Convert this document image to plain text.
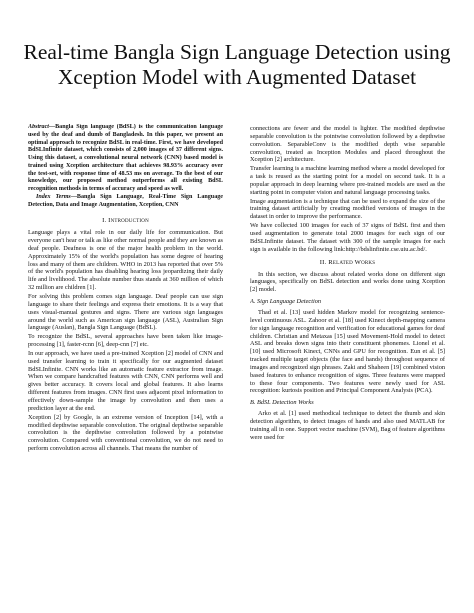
Real-time Bangla Sign Language Detection using Xception Model with Augmented Dataset

Abstract—Bangla Sign language (BdSL) is the communication language used by the deaf and dumb of Bangladesh. In this paper, we present an optimal approach to recognize BdSL in real-time. First, we have developed BdSLInfinite dataset, which consists of 2,000 images of 37 different signs. Using this dataset, a convolutional neural network (CNN) based model is trained using Xception architecture that achieves 98.93% accuracy over the test-set, with response time of 48.53 ms on average. To the best of our knowledge, our proposed method outperforms all existing BdSL recognition methods in terms of accuracy and speed as well.

Index Terms—Bangla Sign Language, Real-Time Sign Language Detection, Data and Image Augmentation, Xception, CNN

I. Introduction

Language plays a vital role in our daily life for communication. But everyone can't hear or talk as like other normal people and they are known as deaf people. Deafness is one of the major health problem in the world. Approximately 15% of the world's population has some degree of hearing loss and many of them are children. WHO in 2013 has reported that over 5% of the world's population has disabling hearing loss jeopardizing their daily life and livelihood. The absolute number thus stands at 360 million of which 32 million are children [1].

For solving this problem comes sign language. Deaf people can use sign language to share their feelings and express their emotions. It is a way that uses visual-manual gestures and signs. There are various sign languages around the world such as American sign language (ASL), Australian Sign language (Auslan), Bangla Sign Language (BdSL).

To recognize the BdSL, several approaches have been taken like image-processing [1], faster-rcnn [6], deep-cnn [7] etc.

In our approach, we have used a pre-trained Xception [2] model of CNN and used transfer learning to train it specifically for our augmented dataset BdSLInfinite. CNN works like an automatic feature extractor from image. When we compare handcrafted features with CNN, CNN performs well and gives better accuracy. It covers local and global features. It also learns different features from images. CNN first uses adjacent pixel information to effectively down-sample the image by convolution and then uses a prediction layer at the end.

Xception [2] by Google, is an extreme version of Inception [14], with a modified depthwise separable convolution. The original depthwise separable convolution is the depthwise convolution followed by a pointwise convolution. Compared with conventional convolution, we do not need to perform convolution across all channels. That means the number of

connections are fewer and the model is lighter. The modified depthwise separable convolution is the pointwise convolution followed by a depthwise convolution. SeparableConv is the modified depth wise separable convolution, treated as Inception Modules and placed throughout the Xception [2] architecture.

Transfer learning is a machine learning method where a model developed for a task is reused as the starting point for a model on second task. It is a popular approach in deep learning where pre-trained models are used as the starting point in computer vision and natural language processing tasks.

Image augmentation is a technique that can be used to expand the size of the training dataset artificially by creating modified versions of images in the dataset in order to improve the performance.

We have collected 100 images for each of 37 signs of BdSL first and then used augmentation to generate total 2000 images for each sign of our BdSLInfinite dataset. The dataset with 300 of the sample images for each sign is available in the following link:http://bdslinfinite.cse.uiu.ac.bd/.

II. Related Works

In this section, we discuss about related works done on different sign languages, specifically on BdSL detection and works done using Xception [2] model.

A. Sign Language Detection

Thad et al. [13] used hidden Markov model for recognizing sentence-level continuous ASL. Zahoor et al. [18] used Kinect depth-mapping camera for sign language recognition and verification for educational games for deaf children. Christian and Metaxas [15] used Movement-Hold model to detect ASL and breaks down signs into their constituent phonemes. Lionel et al. [10] used Microsoft Kinect, CNNs and GPU for recognition. Eun et al. [5] tracked multiple target objects (the face and hands) throughout sequence of images and recognized sign phrases. Zaki and Shaheen [19] combined vision based features to enhance recognition of signs. Three features were mapped to these four components. Two features were newly used for ASL recognition: kurtosis position and Principal Component Analysis (PCA).

B. BdSL Detection Works

Arko et al. [1] used methodical technique to detect the thumb and skin detection algorithm, to detect images of hands and also used MATLAB for training all in one. Support vector machine (SVM), Bag of feature algorithms were used for
